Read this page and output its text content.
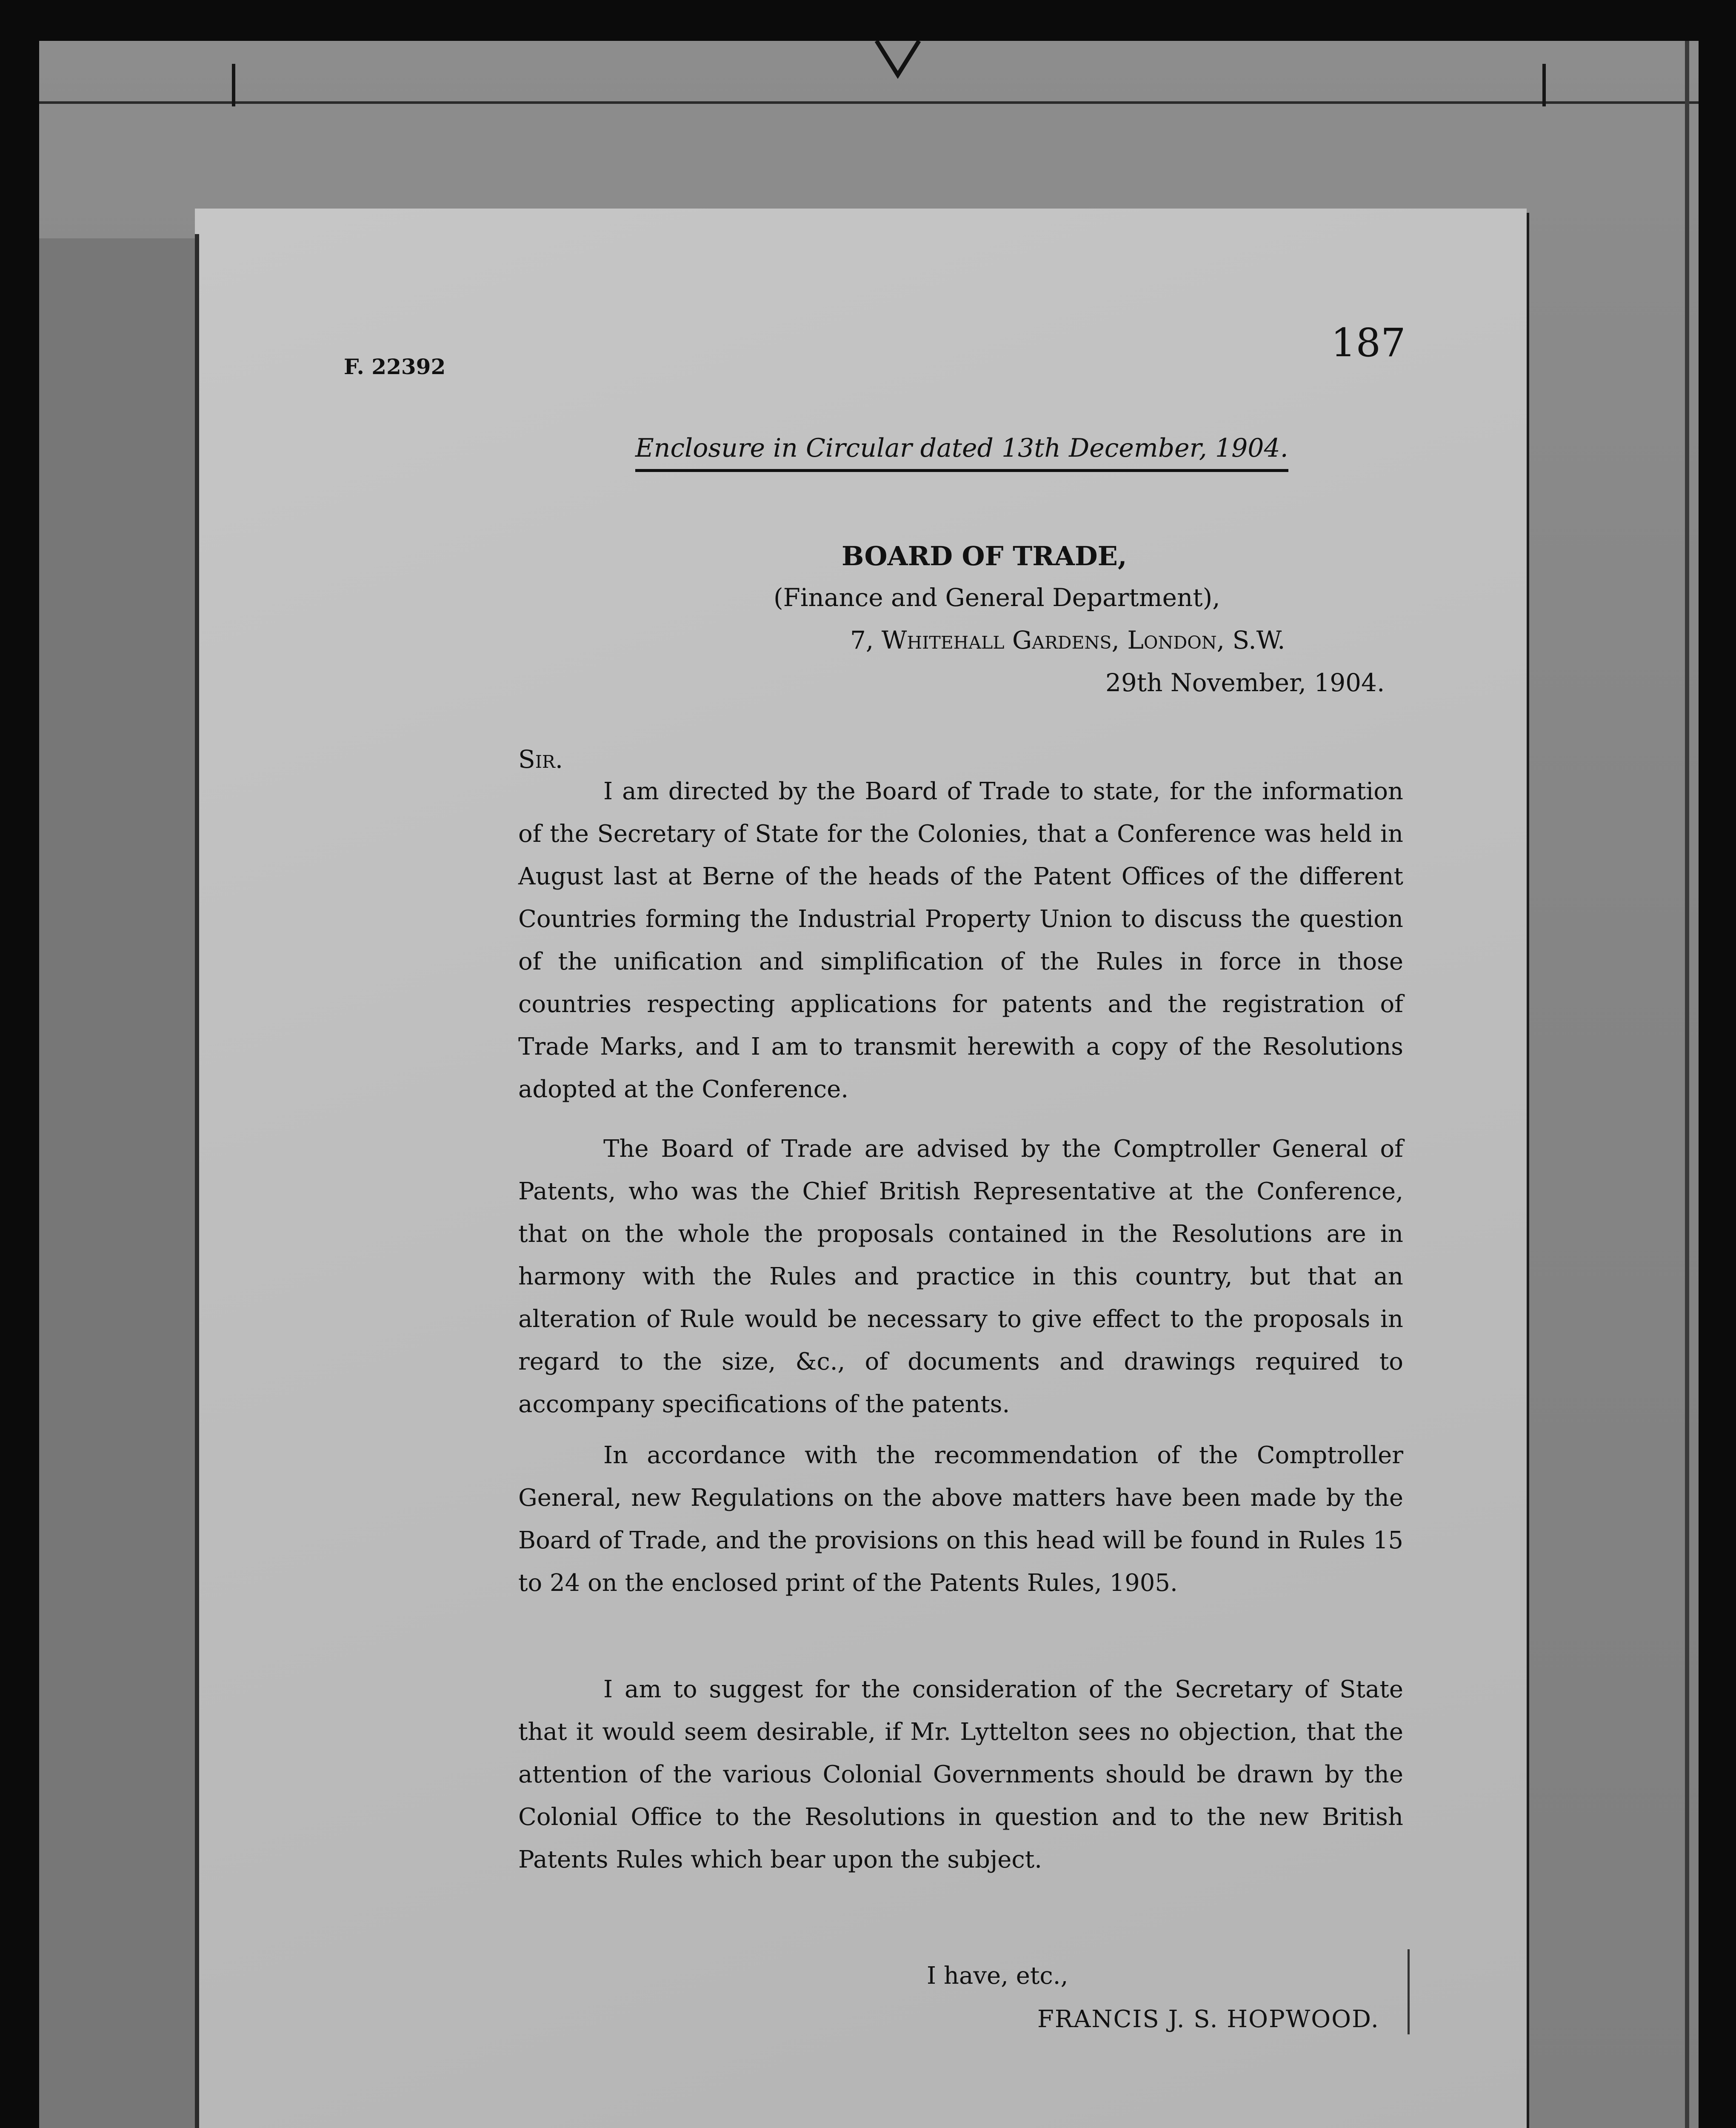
F. 22392
187
Enclosure in Circular dated 13th December, 1904.
BOARD OF TRADE,
(Finance and General Department),
7, Whitehall Gardens, London, S.W.
29th November, 1904.
Sir.
I am directed by the Board of Trade to state, for the information of the Secretary of State for the Colonies, that a Conference was held in August last at Berne of the heads of the Patent Offices of the different Countries forming the Industrial Property Union to discuss the question of the unification and simplification of the Rules in force in those countries respecting applications for patents and the registration of Trade Marks, and I am to transmit herewith a copy of the Resolutions adopted at the Conference.
The Board of Trade are advised by the Comptroller General of Patents, who was the Chief British Representative at the Conference, that on the whole the proposals contained in the Resolutions are in harmony with the Rules and practice in this country, but that an alteration of Rule would be necessary to give effect to the proposals in regard to the size, &c., of documents and drawings required to accompany specifications of the patents.
In accordance with the recommendation of the Comptroller General, new Regulations on the above matters have been made by the Board of Trade, and the provisions on this head will be found in Rules 15 to 24 on the enclosed print of the Patents Rules, 1905.
I am to suggest for the consideration of the Secretary of State that it would seem desirable, if Mr. Lyttelton sees no objection, that the attention of the various Colonial Governments should be drawn by the Colonial Office to the Resolutions in question and to the new British Patents Rules which bear upon the subject.
I have, etc.,
FRANCIS J. S. HOPWOOD.
